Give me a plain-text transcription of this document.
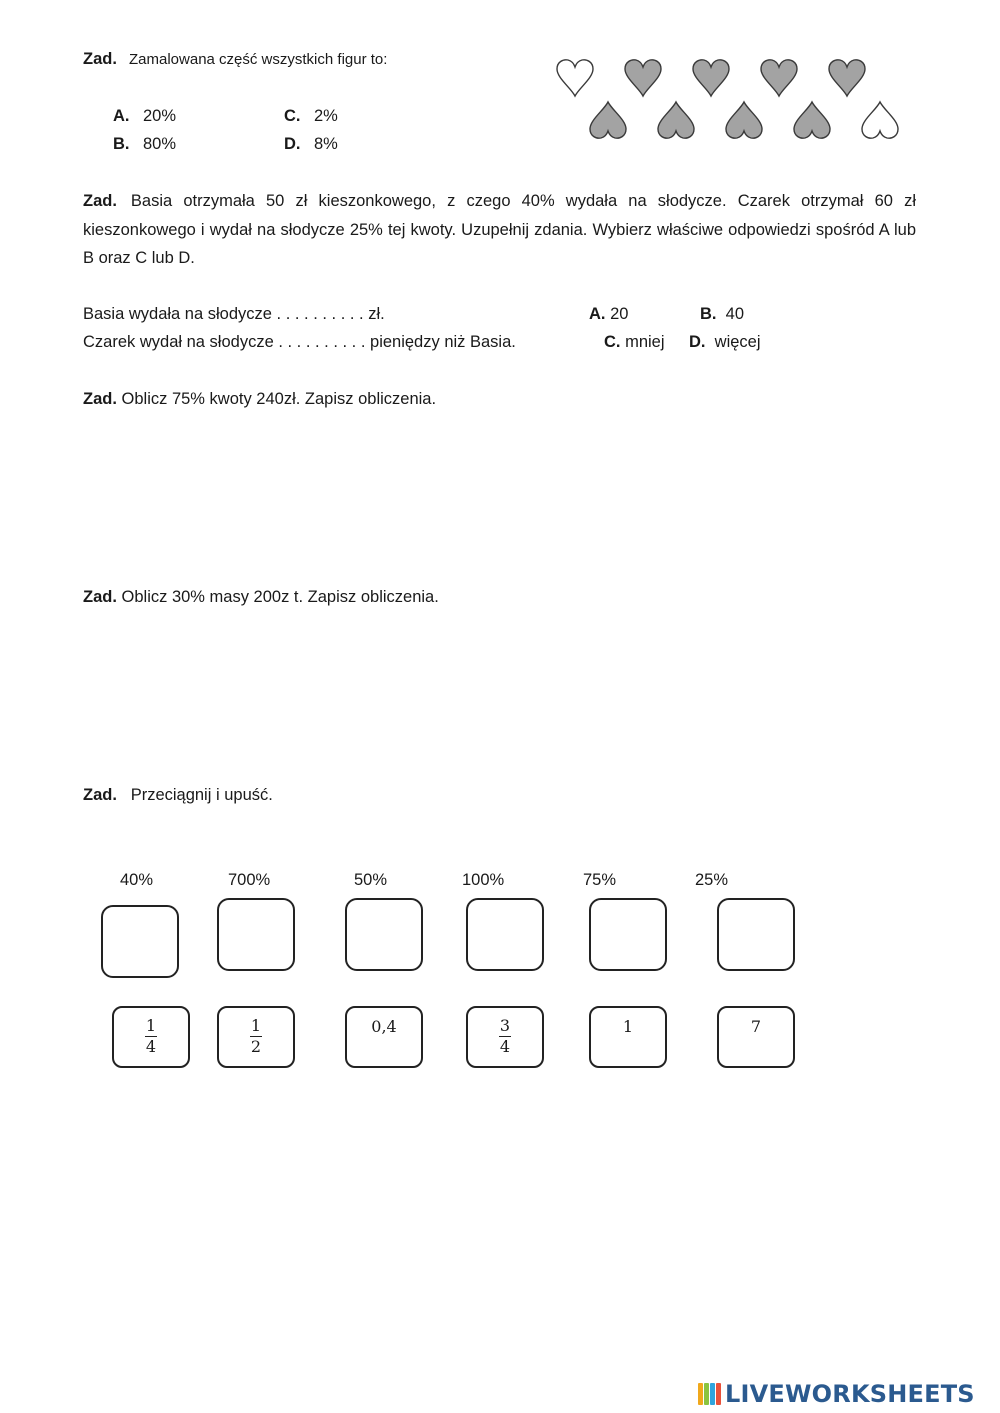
Zad. Zamalowana część wszystkich figur to:
A. 20%
B. 80%
C. 2%
D. 8%
Zad. Basia otrzymała 50 zł kieszonkowego, z czego 40% wydała na słodycze. Czarek otrzymał 60 zł kieszonkowego i wydał na słodycze 25% tej kwoty. Uzupełnij zdania. Wybierz właściwe odpowiedzi spośród A lub B oraz C lub D.
Basia wydała na słodycze . . . . . . . . . . zł.	A. 20	B. 40
Czarek wydał na słodycze . . . . . . . . . . pieniędzy niż Basia.	C. mniej D. więcej
Zad. Oblicz 75% kwoty 240zł. Zapisz obliczenia.
Zad. Oblicz 30% masy 200z t. Zapisz obliczenia.
Zad. Przeciągnij i upuść.
40%	700%	50%	100%	75%	25%
$\frac{1}{4}$	$\frac{1}{2}$	0,4	$\frac{3}{4}$	1	7
LIVEWORKSHEETS
